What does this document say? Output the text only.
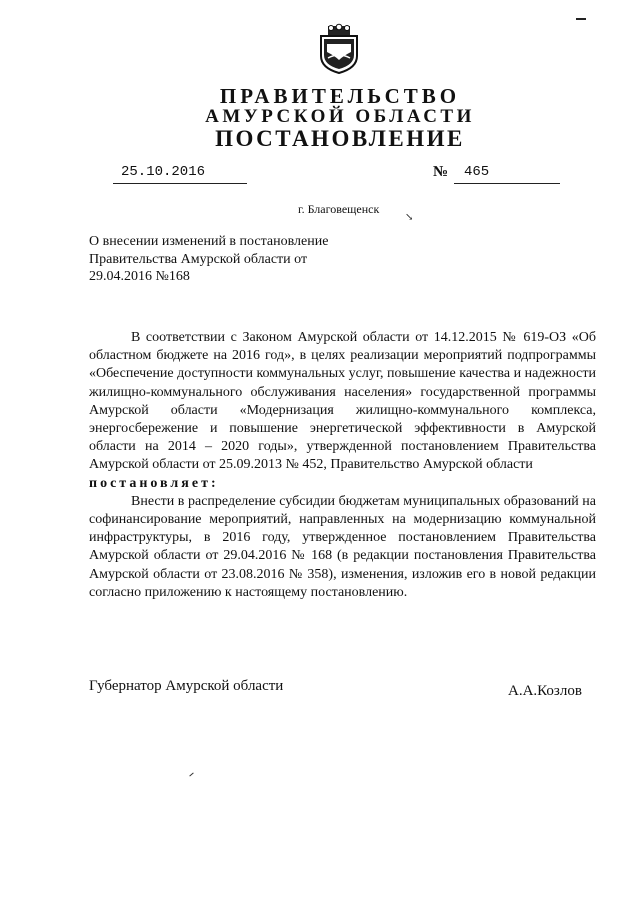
ПРАВИТЕЛЬСТВО
АМУРСКОЙ ОБЛАСТИ
ПОСТАНОВЛЕНИЕ
25.10.2016	№	465
г. Благовещенск
↘
О внесении изменений в постановление Правительства Амурской области от 29.04.2016 №168

В соответствии с Законом Амурской области от 14.12.2015 № 619-ОЗ «Об областном бюджете на 2016 год», в целях реализации мероприятий подпрограммы «Обеспечение доступности коммунальных услуг, повышение качества и надежности жилищно-коммунального обслуживания населения» государственной программы Амурской области «Модернизация жилищно-коммунального комплекса, энергосбережение и повышение энергетической эффективности в Амурской области на 2014 – 2020 годы», утвержденной постановлением Правительства Амурской области от 25.09.2013 № 452, Правительство Амурской области

постановляет:

Внести в распределение субсидии бюджетам муниципальных образований на софинансирование мероприятий, направленных на модернизацию коммунальной инфраструктуры, в 2016 году, утвержденное постановлением Правительства Амурской области от 29.04.2016 № 168 (в редакции постановления Правительства Амурской области от 23.08.2016 № 358), изменения, изложив его в новой редакции согласно приложению к настоящему постановлению.

Губернатор Амурской области	А.А.Козлов
